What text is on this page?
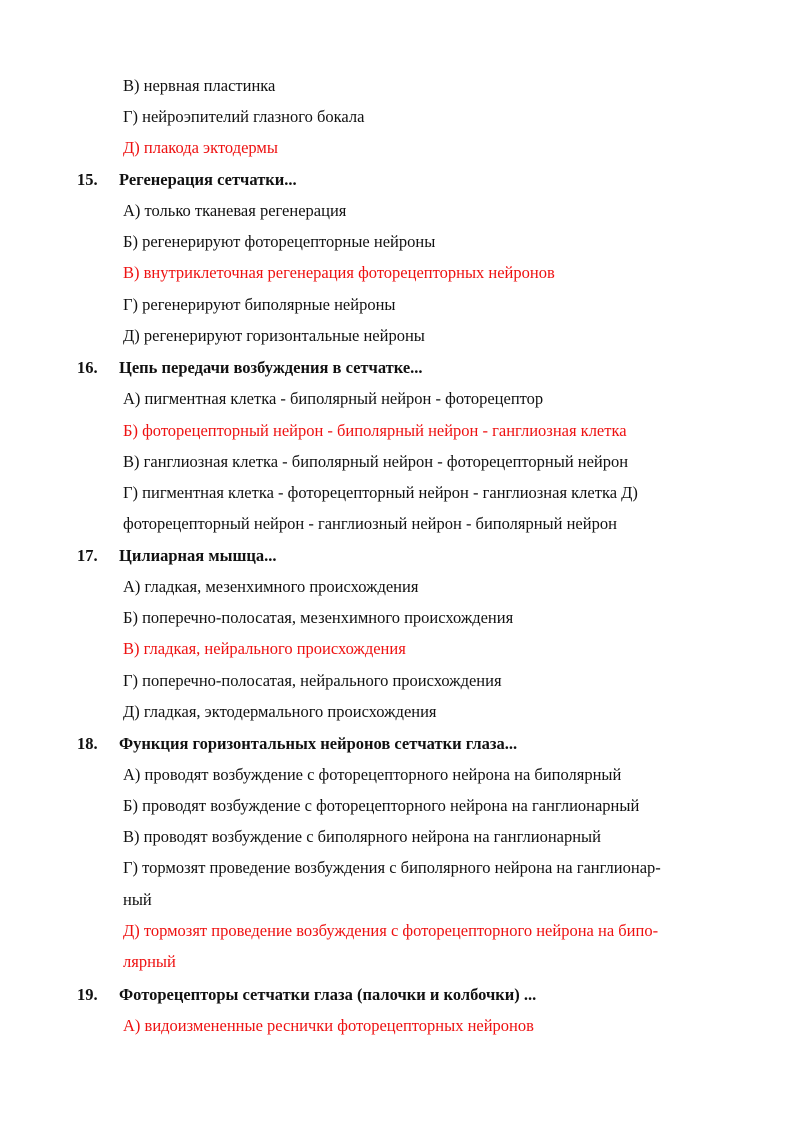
В) нервная пластинка
Г) нейроэпителий глазного бокала
Д) плакода эктодермы
15. Регенерация сетчатки...
А) только тканевая регенерация
Б) регенерируют фоторецепторные нейроны
В) внутриклеточная регенерация фоторецепторных нейронов
Г) регенерируют биполярные нейроны
Д) регенерируют горизонтальные нейроны
16. Цепь передачи возбуждения в сетчатке...
А) пигментная клетка - биполярный нейрон - фоторецептор
Б) фоторецепторный нейрон - биполярный нейрон - ганглиозная клетка
В) ганглиозная клетка - биполярный нейрон - фоторецепторный нейрон
Г) пигментная клетка - фоторецепторный нейрон - ганглиозная клетка Д)
фоторецепторный нейрон - ганглиозный нейрон - биполярный нейрон
17. Цилиарная мышца...
А) гладкая, мезенхимного происхождения
Б) поперечно-полосатая, мезенхимного происхождения
В) гладкая, нейрального происхождения
Г) поперечно-полосатая, нейрального происхождения
Д) гладкая, эктодермального происхождения
18. Функция горизонтальных нейронов сетчатки глаза...
А) проводят возбуждение с фоторецепторного нейрона на биполярный
Б) проводят возбуждение с фоторецепторного нейрона на ганглионарный
В) проводят возбуждение с биполярного нейрона на ганглионарный
Г) тормозят проведение возбуждения с биполярного нейрона на ганглионар-
ный
Д) тормозят проведение возбуждения с фоторецепторного нейрона на бипо-
лярный
19. Фоторецепторы сетчатки глаза (палочки и колбочки) ...
А) видоизмененные реснички фоторецепторных нейронов
